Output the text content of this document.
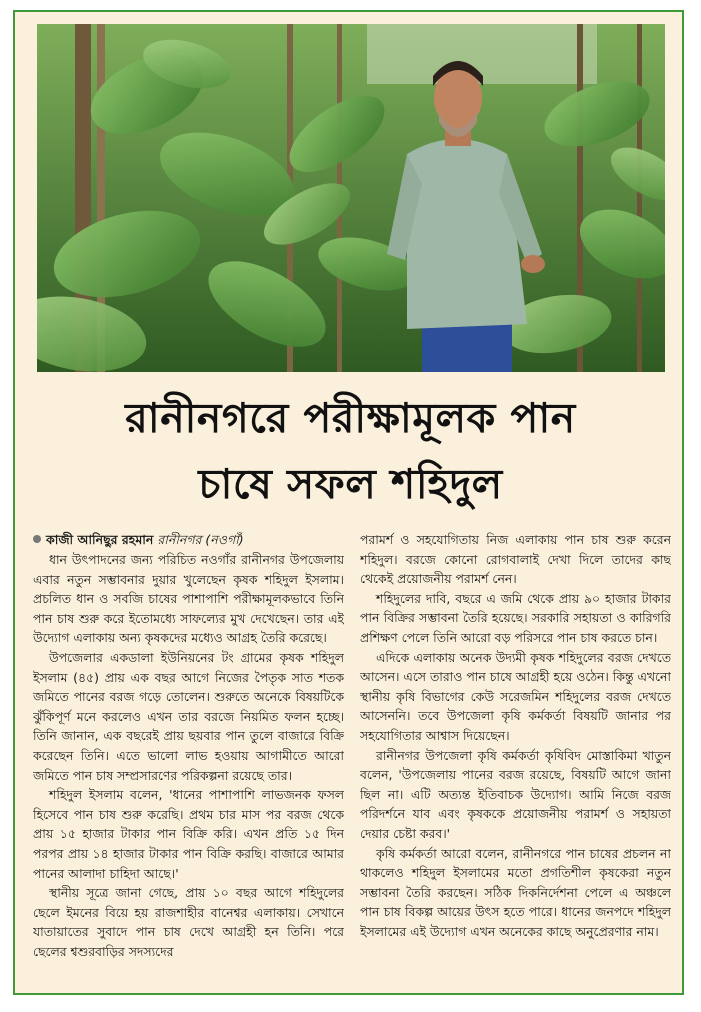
রানীনগরে পরীক্ষামূলক পান
চাষে সফল শহিদুল

কাজী আনিছুর রহমান রানীনগর (নওগাঁ)

ধান উৎপাদনের জন্য পরিচিত নওগাঁর রানীনগর উপজেলায় এবার নতুন সম্ভাবনার দুয়ার খুলেছেন কৃষক শহিদুল ইসলাম। প্রচলিত ধান ও সবজি চাষের পাশাপাশি পরীক্ষামূলকভাবে তিনি পান চাষ শুরু করে ইতোমধ্যে সাফল্যের মুখ দেখেছেন। তার এই উদ্যোগ এলাকায় অন্য কৃষকদের মধ্যেও আগ্রহ তৈরি করেছে।

উপজেলার একডালা ইউনিয়নের টং গ্রামের কৃষক শহিদুল ইসলাম (৪৫) প্রায় এক বছর আগে নিজের পৈতৃক সাত শতক জমিতে পানের বরজ গড়ে তোলেন। শুরুতে অনেকে বিষয়টিকে ঝুঁকিপূর্ণ মনে করলেও এখন তার বরজে নিয়মিত ফলন হচ্ছে। তিনি জানান, এক বছরেই প্রায় ছয়বার পান তুলে বাজারে বিক্রি করেছেন তিনি। এতে ভালো লাভ হওয়ায় আগামীতে আরো জমিতে পান চাষ সম্প্রসারণের পরিকল্পনা রয়েছে তার।

শহিদুল ইসলাম বলেন, 'ধানের পাশাপাশি লাভজনক ফসল হিসেবে পান চাষ শুরু করেছি। প্রথম চার মাস পর বরজ থেকে প্রায় ১৫ হাজার টাকার পান বিক্রি করি। এখন প্রতি ১৫ দিন পরপর প্রায় ১৪ হাজার টাকার পান বিক্রি করছি। বাজারে আমার পানের আলাদা চাহিদা আছে।'

স্থানীয় সূত্রে জানা গেছে, প্রায় ১০ বছর আগে শহিদুলের ছেলে ইমনের বিয়ে হয় রাজশাহীর বানেশ্বর এলাকায়। সেখানে যাতায়াতের সুবাদে পান চাষ দেখে আগ্রহী হন তিনি। পরে ছেলের শ্বশুরবাড়ির সদস্যদের

পরামর্শ ও সহযোগিতায় নিজ এলাকায় পান চাষ শুরু করেন শহিদুল। বরজে কোনো রোগবালাই দেখা দিলে তাদের কাছ থেকেই প্রয়োজনীয় পরামর্শ নেন।

শহিদুলের দাবি, বছরে এ জমি থেকে প্রায় ৯০ হাজার টাকার পান বিক্রির সম্ভাবনা তৈরি হয়েছে। সরকারি সহায়তা ও কারিগরি প্রশিক্ষণ পেলে তিনি আরো বড় পরিসরে পান চাষ করতে চান।

এদিকে এলাকায় অনেক উদ্যমী কৃষক শহিদুলের বরজ দেখতে আসেন। এসে তারাও পান চাষে আগ্রহী হয়ে ওঠেন। কিন্তু এখনো স্থানীয় কৃষি বিভাগের কেউ সরেজমিন শহিদুলের বরজ দেখতে আসেননি। তবে উপজেলা কৃষি কর্মকর্তা বিষয়টি জানার পর সহযোগিতার আশ্বাস দিয়েছেন।

রানীনগর উপজেলা কৃষি কর্মকর্তা কৃষিবিদ মোস্তাকিমা খাতুন বলেন, 'উপজেলায় পানের বরজ রয়েছে, বিষয়টি আগে জানা ছিল না। এটি অত্যন্ত ইতিবাচক উদ্যোগ। আমি নিজে বরজ পরিদর্শনে যাব এবং কৃষককে প্রয়োজনীয় পরামর্শ ও সহায়তা দেয়ার চেষ্টা করব।'

কৃষি কর্মকর্তা আরো বলেন, রানীনগরে পান চাষের প্রচলন না থাকলেও শহিদুল ইসলামের মতো প্রগতিশীল কৃষকেরা নতুন সম্ভাবনা তৈরি করছেন। সঠিক দিকনির্দেশনা পেলে এ অঞ্চলে পান চাষ বিকল্প আয়ের উৎস হতে পারে। ধানের জনপদে শহিদুল ইসলামের এই উদ্যোগ এখন অনেকের কাছে অনুপ্রেরণার নাম।
